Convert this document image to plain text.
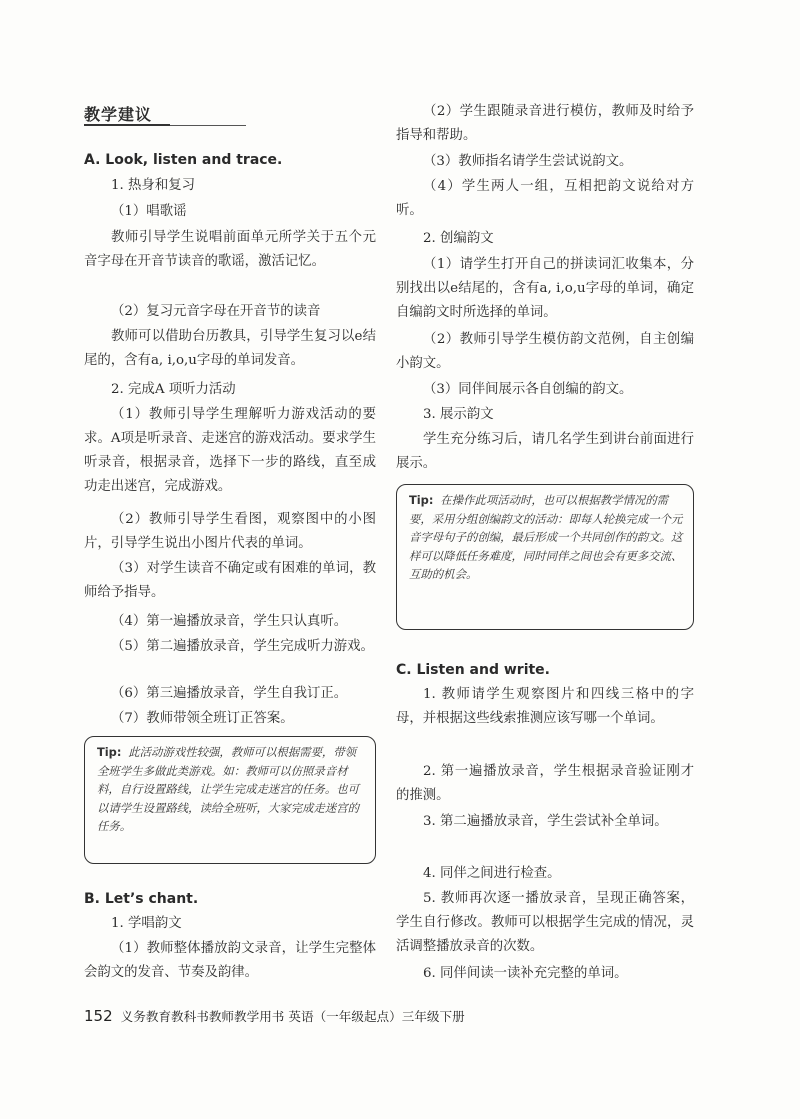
教学建议
A. Look, listen and trace.
1. 热身和复习
（1）唱歌谣
教师引导学生说唱前面单元所学关于五个元音字母在开音节读音的歌谣，激活记忆。
（2）复习元音字母在开音节的读音
教师可以借助台历教具，引导学生复习以e结尾的，含有a, i,o,u字母的单词发音。
2. 完成A 项听力活动
（1）教师引导学生理解听力游戏活动的要求。A项是听录音、走迷宫的游戏活动。要求学生听录音，根据录音，选择下一步的路线，直至成功走出迷宫，完成游戏。
（2）教师引导学生看图，观察图中的小图片，引导学生说出小图片代表的单词。
（3）对学生读音不确定或有困难的单词，教师给予指导。
（4）第一遍播放录音，学生只认真听。
（5）第二遍播放录音，学生完成听力游戏。
（6）第三遍播放录音，学生自我订正。
（7）教师带领全班订正答案。
Tip: 此活动游戏性较强，教师可以根据需要，带领全班学生多做此类游戏。如：教师可以仿照录音材料，自行设置路线，让学生完成走迷宫的任务。也可以请学生设置路线，读给全班听，大家完成走迷宫的任务。
B. Let’s chant.
1. 学唱韵文
（1）教师整体播放韵文录音，让学生完整体会韵文的发音、节奏及韵律。
（2）学生跟随录音进行模仿，教师及时给予指导和帮助。
（3）教师指名请学生尝试说韵文。
（4）学生两人一组，互相把韵文说给对方听。
2. 创编韵文
（1）请学生打开自己的拼读词汇收集本，分别找出以e结尾的，含有a, i,o,u字母的单词，确定自编韵文时所选择的单词。
（2）教师引导学生模仿韵文范例，自主创编小韵文。
（3）同伴间展示各自创编的韵文。
3. 展示韵文
学生充分练习后，请几名学生到讲台前面进行展示。
Tip: 在操作此项活动时，也可以根据教学情况的需要，采用分组创编韵文的活动：即每人轮换完成一个元音字母句子的创编，最后形成一个共同创作的韵文。这样可以降低任务难度，同时同伴之间也会有更多交流、互助的机会。
C. Listen and write.
1. 教师请学生观察图片和四线三格中的字母，并根据这些线索推测应该写哪一个单词。
2. 第一遍播放录音，学生根据录音验证刚才的推测。
3. 第二遍播放录音，学生尝试补全单词。
4. 同伴之间进行检查。
5. 教师再次逐一播放录音，呈现正确答案，学生自行修改。教师可以根据学生完成的情况，灵活调整播放录音的次数。
6. 同伴间读一读补充完整的单词。
152 义务教育教科书教师教学用书 英语（一年级起点）三年级下册
